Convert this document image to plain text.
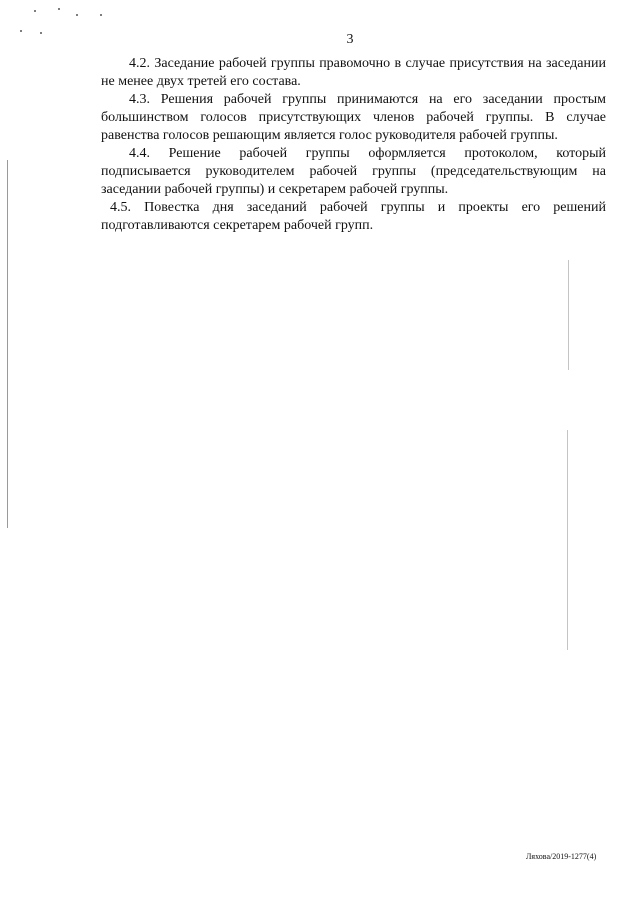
3

4.2. Заседание рабочей группы правомочно в случае присутствия на заседании не менее двух третей его состава.

4.3. Решения рабочей группы принимаются на его заседании простым большинством голосов присутствующих членов рабочей группы. В случае равенства голосов решающим является голос руководителя рабочей группы.

4.4. Решение рабочей группы оформляется протоколом, который подписывается руководителем рабочей группы (председательствующим на заседании рабочей группы) и секретарем рабочей группы.

4.5. Повестка дня заседаний рабочей группы и проекты его решений подготавливаются секретарем рабочей групп.

Ляхова/2019-1277(4)
